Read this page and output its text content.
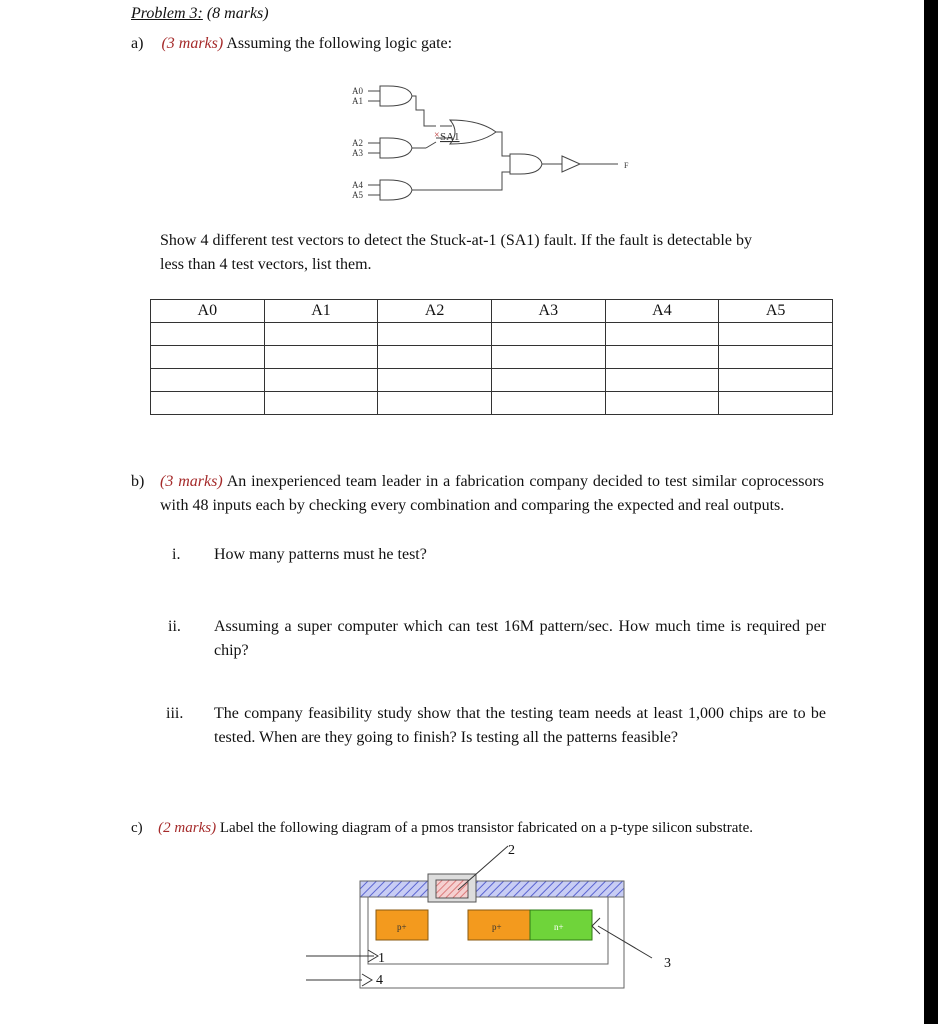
Problem 3: (8 marks)
a) (3 marks) Assuming the following logic gate:
A0
A1
A2
A3
A4
A5
× SA1
F
Show 4 different test vectors to detect the Stuck-at-1 (SA1) fault. If the fault is detectable by
less than 4 test vectors, list them.
A0	A1	A2	A3	A4	A5

b) (3 marks) An inexperienced team leader in a fabrication company decided to test similar coprocessors with 48 inputs each by checking every combination and comparing the expected and real outputs.
i. How many patterns must he test?
ii. Assuming a super computer which can test 16M pattern/sec. How much time is required per chip?
iii. The company feasibility study show that the testing team needs at least 1,000 chips are to be tested. When are they going to finish? Is testing all the patterns feasible?
c) (2 marks) Label the following diagram of a pmos transistor fabricated on a p-type silicon substrate.
p+	p+	n+
2
1	3
4
